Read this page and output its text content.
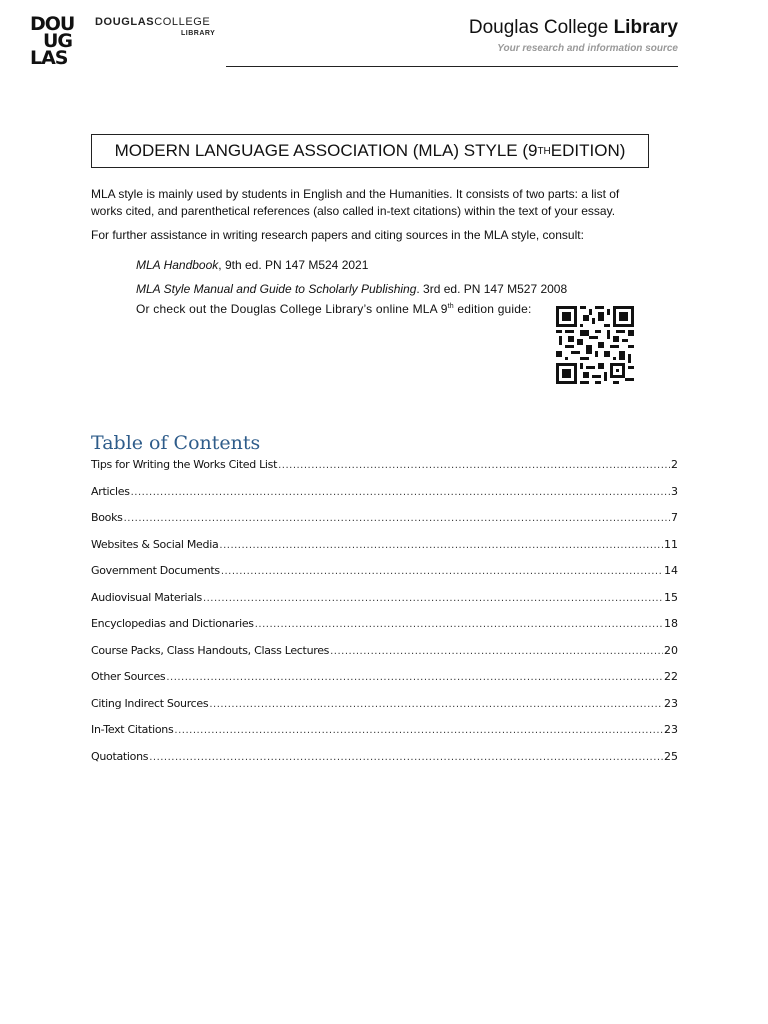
DOU
UG
LAS
DOUGLASCOLLEGE
LIBRARY	Douglas College Library
Your research and information source
MODERN LANGUAGE ASSOCIATION (MLA) STYLE (9 TH EDITION)

MLA style is mainly used by students in English and the Humanities. It consists of two parts: a list of works cited, and parenthetical references (also called in-text citations) within the text of your essay.

For further assistance in writing research papers and citing sources in the MLA style, consult:

MLA Handbook, 9th ed. PN 147 M524 2021
MLA Style Manual and Guide to Scholarly Publishing. 3rd ed. PN 147 M527 2008
Or check out the Douglas College Library’s online MLA 9th edition guide:
Table of Contents
Tips for Writing the Works Cited List .....	2
Articles .....	3
Books .....	7
Websites & Social Media .....	11
Government Documents .....	14
Audiovisual Materials .....	15
Encyclopedias and Dictionaries .....	18
Course Packs, Class Handouts, Class Lectures .....	20
Other Sources .....	22
Citing Indirect Sources .....	23
In-Text Citations .....	23
Quotations .....	25
